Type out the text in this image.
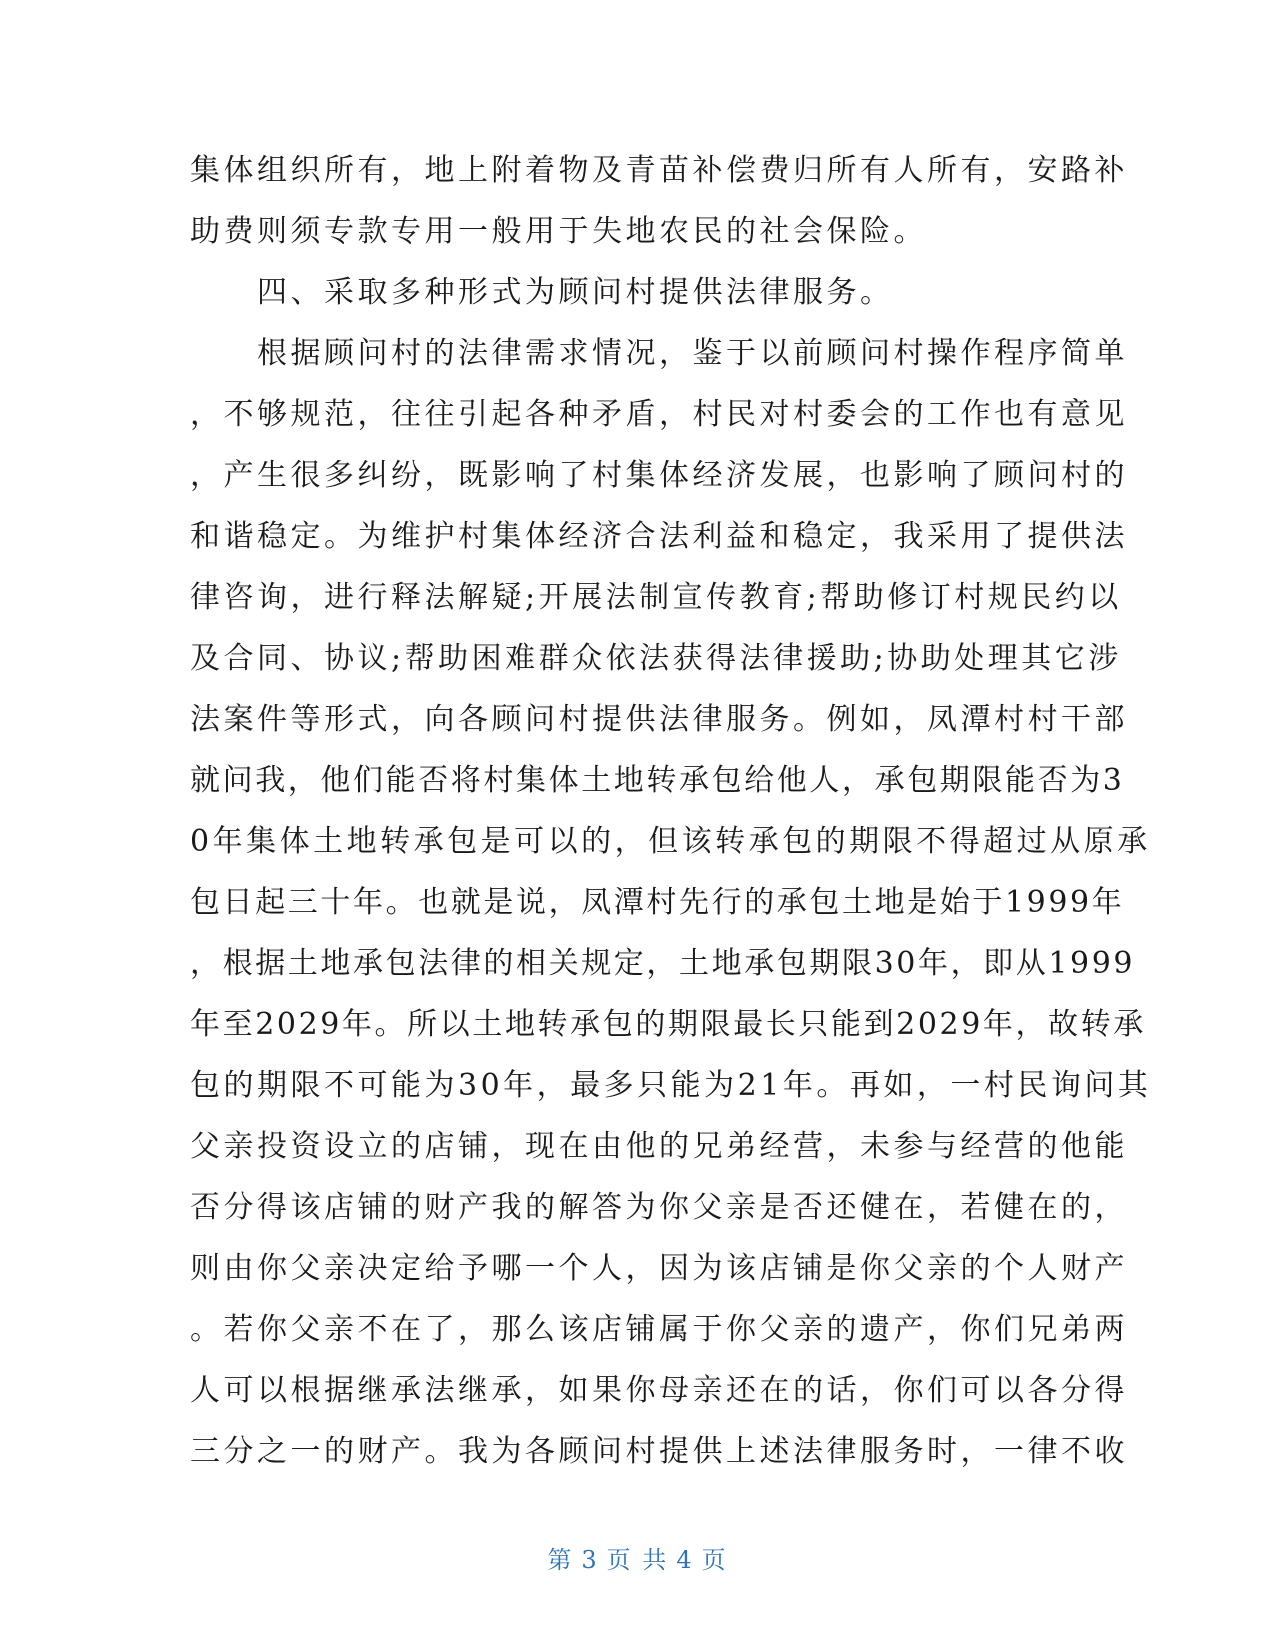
集体组织所有，地上附着物及青苗补偿费归所有人所有，安路补
助费则须专款专用一般用于失地农民的社会保险。
　　四、采取多种形式为顾问村提供法律服务。
　　根据顾问村的法律需求情况，鉴于以前顾问村操作程序简单
，不够规范，往往引起各种矛盾，村民对村委会的工作也有意见
，产生很多纠纷，既影响了村集体经济发展，也影响了顾问村的
和谐稳定。为维护村集体经济合法利益和稳定，我采用了提供法
律咨询，进行释法解疑;开展法制宣传教育;帮助修订村规民约以
及合同、协议;帮助困难群众依法获得法律援助;协助处理其它涉
法案件等形式，向各顾问村提供法律服务。例如，凤潭村村干部
就问我，他们能否将村集体土地转承包给他人，承包期限能否为3
0年集体土地转承包是可以的，但该转承包的期限不得超过从原承
包日起三十年。也就是说，凤潭村先行的承包土地是始于1999年
，根据土地承包法律的相关规定，土地承包期限30年，即从1999
年至2029年。所以土地转承包的期限最长只能到2029年，故转承
包的期限不可能为30年，最多只能为21年。再如，一村民询问其
父亲投资设立的店铺，现在由他的兄弟经营，未参与经营的他能
否分得该店铺的财产我的解答为你父亲是否还健在，若健在的，
则由你父亲决定给予哪一个人，因为该店铺是你父亲的个人财产
。若你父亲不在了，那么该店铺属于你父亲的遗产，你们兄弟两
人可以根据继承法继承，如果你母亲还在的话，你们可以各分得
三分之一的财产。我为各顾问村提供上述法律服务时，一律不收
第 3 页 共 4 页
